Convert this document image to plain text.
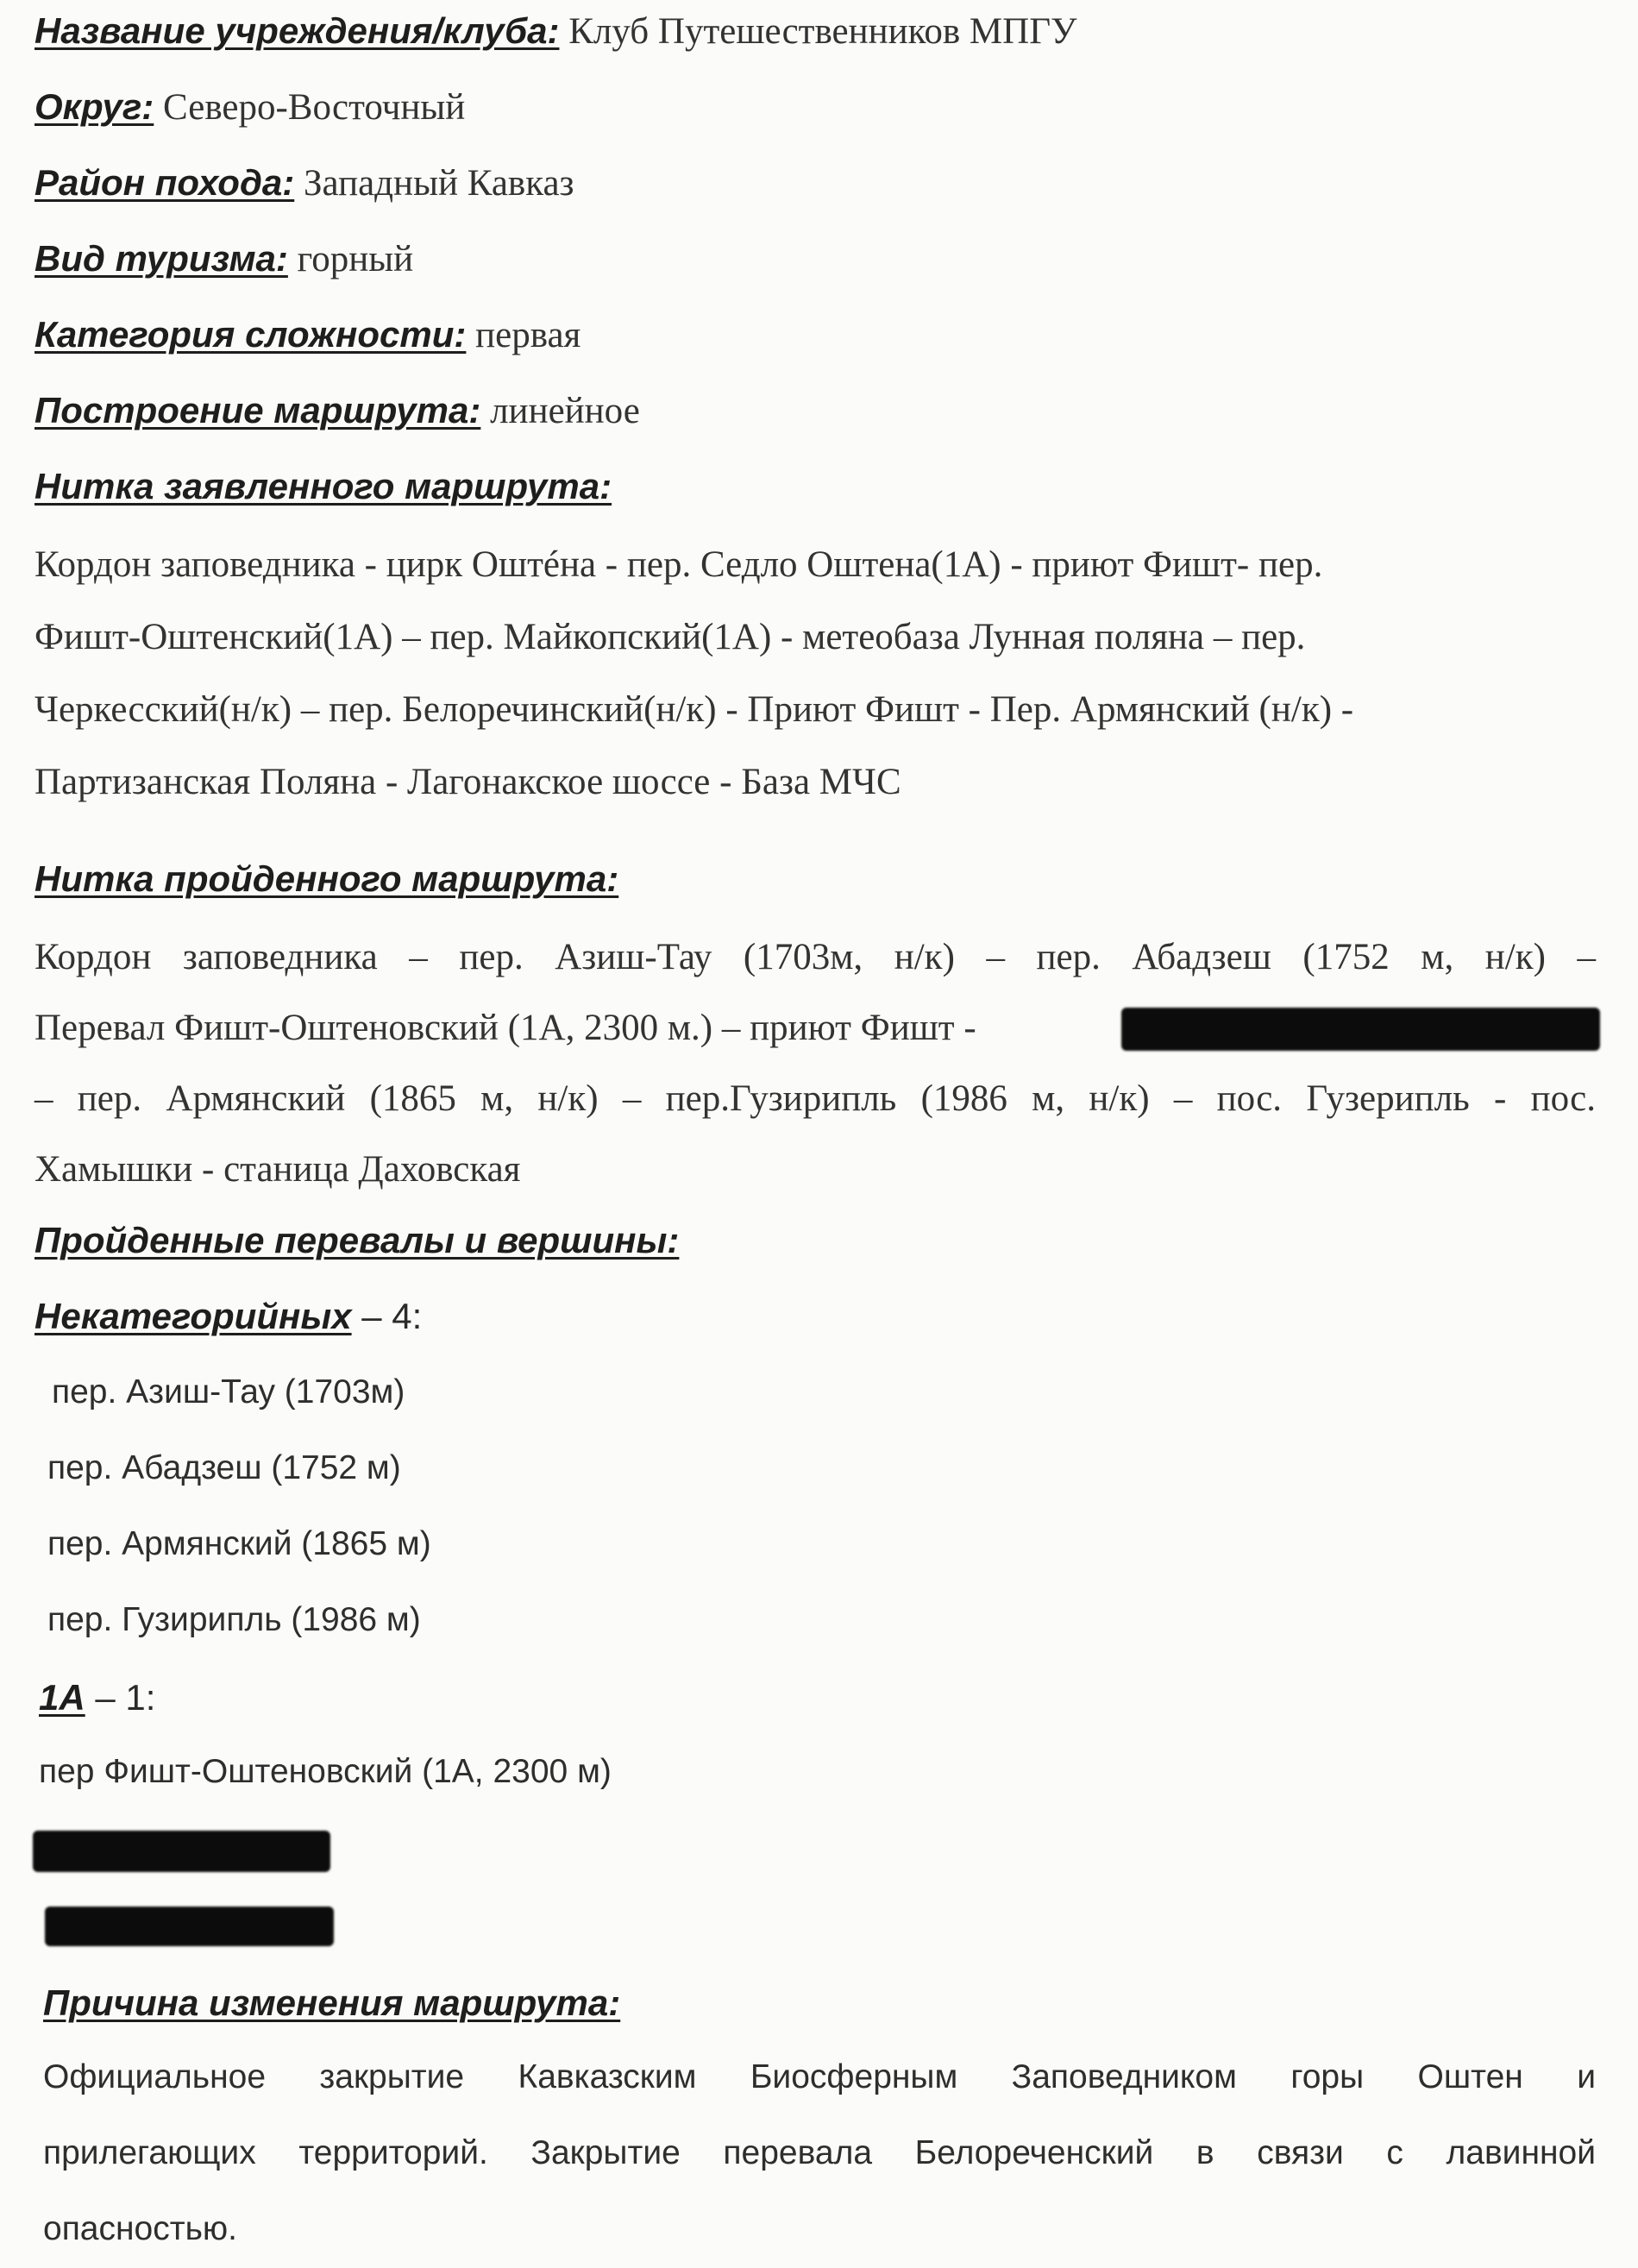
Название учреждения/клуба: Клуб Путешественников МПГУ
Округ: Северо-Восточный
Район похода: Западный Кавказ
Вид туризма: горный
Категория сложности: первая
Построение маршрута: линейное
Нитка заявленного маршрута:
Кордон заповедника - цирк Оштéна - пер. Седло Оштена(1А) - приют Фишт- пер.
Фишт-Оштенский(1А) – пер. Майкопский(1А) - метеобаза Лунная поляна – пер.
Черкесский(н/к) – пер. Белоречинский(н/к) - Приют Фишт - Пер. Армянский (н/к) -
Партизанская Поляна - Лагонакское шоссе - База МЧС
Нитка пройденного маршрута:
Кордон заповедника – пер. Азиш-Тау (1703м, н/к) – пер. Абадзеш (1752 м, н/к) –
Перевал Фишт-Оштеновский (1А, 2300 м.) – приют Фишт -
– пер. Армянский (1865 м, н/к) – пер.Гузирипль (1986 м, н/к) – пос. Гузерипль - пос.
Хамышки - станица Даховская
Пройденные перевалы и вершины:
Некатегорийных – 4:
пер. Азиш-Тау (1703м)
пер. Абадзеш (1752 м)
пер. Армянский (1865 м)
пер. Гузирипль (1986 м)
1А – 1:
пер Фишт-Оштеновский (1А, 2300 м)
Причина изменения маршрута:
Официальное закрытие Кавказским Биосферным Заповедником горы Оштен и
прилегающих территорий. Закрытие перевала Белореченский в связи с лавинной
опасностью.
